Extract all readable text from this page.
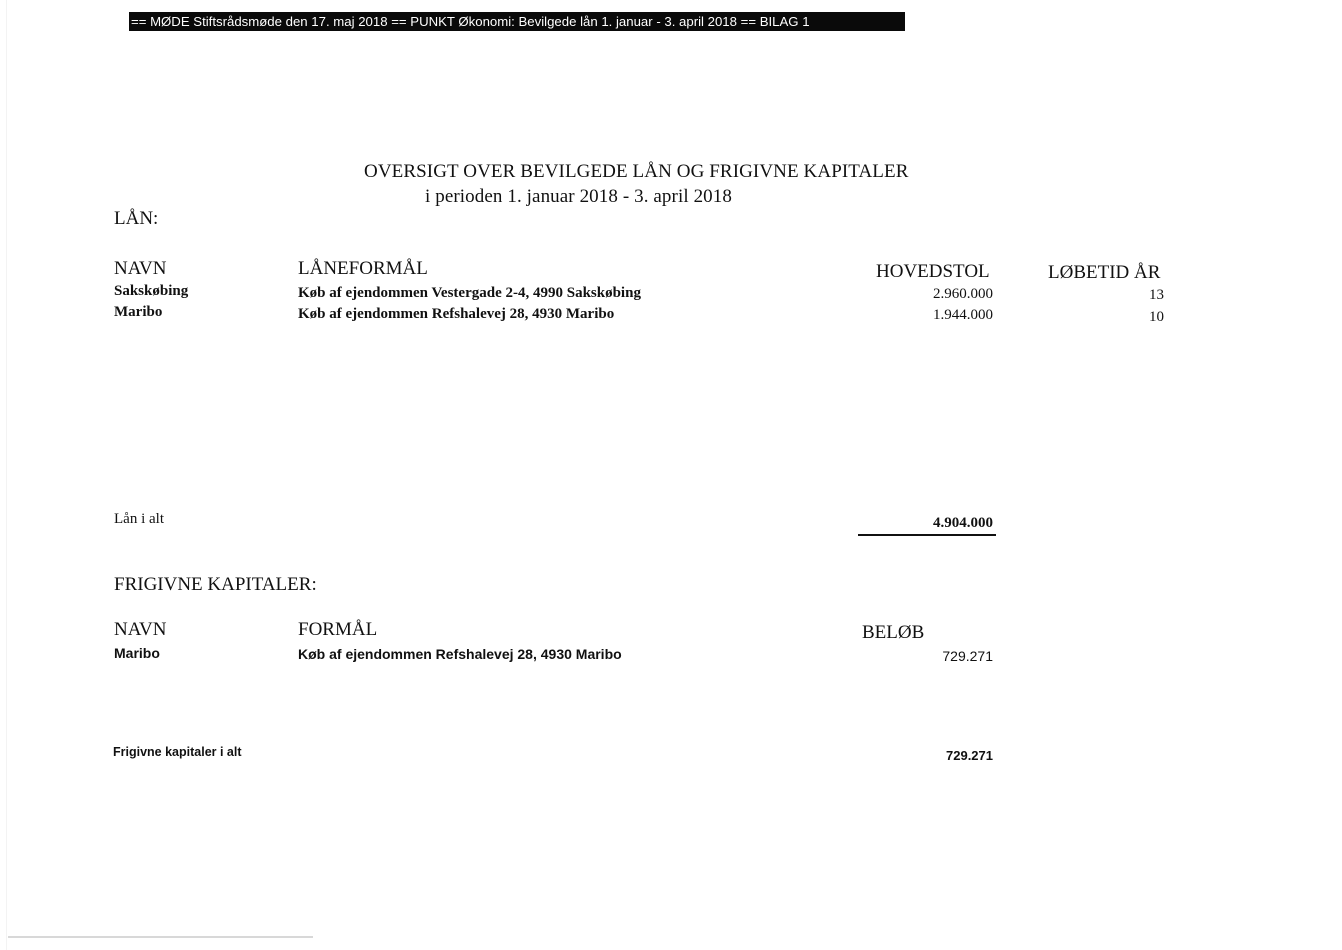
== MØDE Stiftsrådsmøde den 17. maj 2018 == PUNKT Økonomi: Bevilgede lån 1. januar - 3. april 2018 == BILAG 1
OVERSIGT OVER BEVILGEDE LÅN OG FRIGIVNE KAPITALER
i perioden 1. januar 2018 - 3. april 2018
LÅN:
NAVN	LÅNEFORMÅL	HOVEDSTOL	LØBETID ÅR
Sakskøbing	Køb af ejendommen Vestergade 2-4, 4990 Sakskøbing	2.960.000	13
Maribo	Køb af ejendommen Refshalevej 28, 4930 Maribo	1.944.000	10
Lån i alt	4.904.000
FRIGIVNE KAPITALER:
NAVN	FORMÅL	BELØB
Maribo	Køb af ejendommen Refshalevej 28, 4930 Maribo	729.271
Frigivne kapitaler i alt	729.271
